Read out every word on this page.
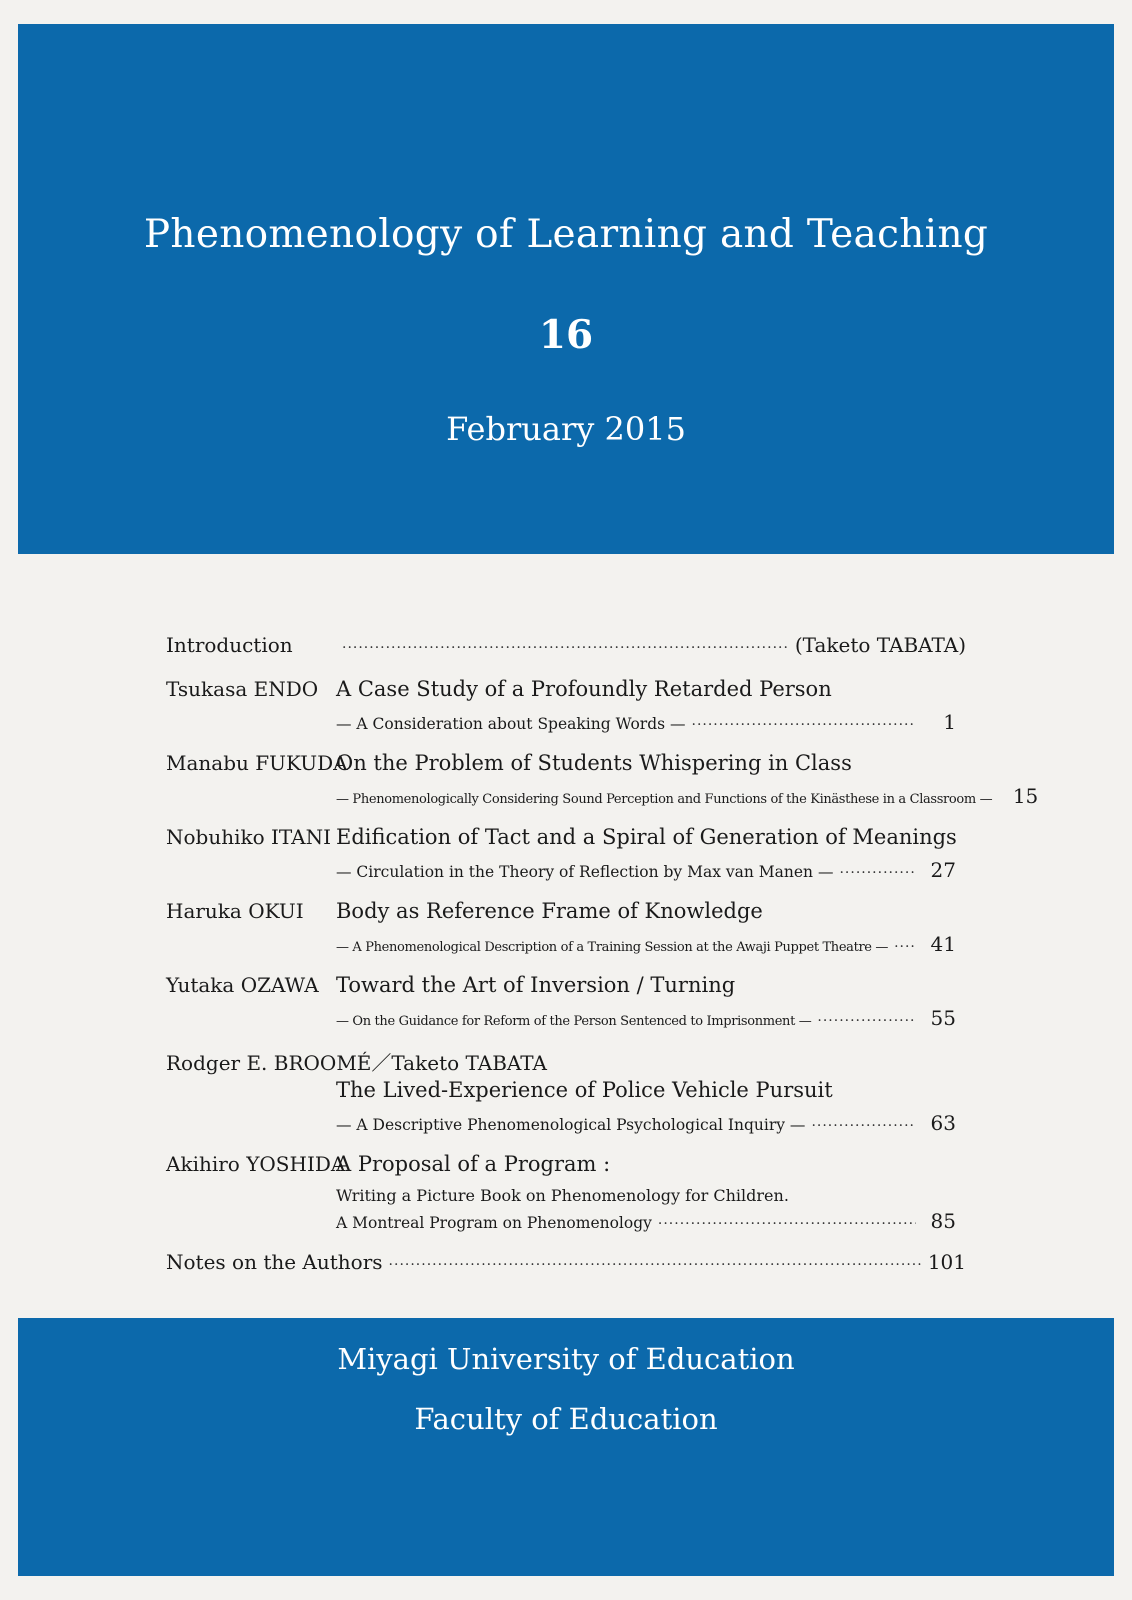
Phenomenology of Learning and Teaching
16
February 2015
Introduction ·····	(Taketo TABATA)
Tsukasa ENDO A Case Study of a Profoundly Retarded Person
— A Consideration about Speaking Words — ·····	1
Manabu FUKUDA
On the Problem of Students Whispering in Class
— Phenomenologically Considering Sound Perception and Functions of the Kinästhese in a Classroom —	15
Nobuhiko ITANI Edification of Tact and a Spiral of Generation of Meanings
— Circulation in the Theory of Reflection by Max van Manen — ·····	27
Haruka OKUI	Body as Reference Frame of Knowledge
— A Phenomenological Description of a Training Session at the Awaji Puppet Theatre — ·····	41
Yutaka OZAWA Toward the Art of Inversion / Turning
— On the Guidance for Reform of the Person Sentenced to Imprisonment — ·····	55
Rodger E. BROOMÉ／Taketo TABATA
The Lived-Experience of Police Vehicle Pursuit
— A Descriptive Phenomenological Psychological Inquiry — ·····	63
Akihiro YOSHIDA
A Proposal of a Program :
Writing a Picture Book on Phenomenology for Children.
A Montreal Program on Phenomenology ·····	85
Notes on the Authors ·····	101
Miyagi University of Education
Faculty of Education
